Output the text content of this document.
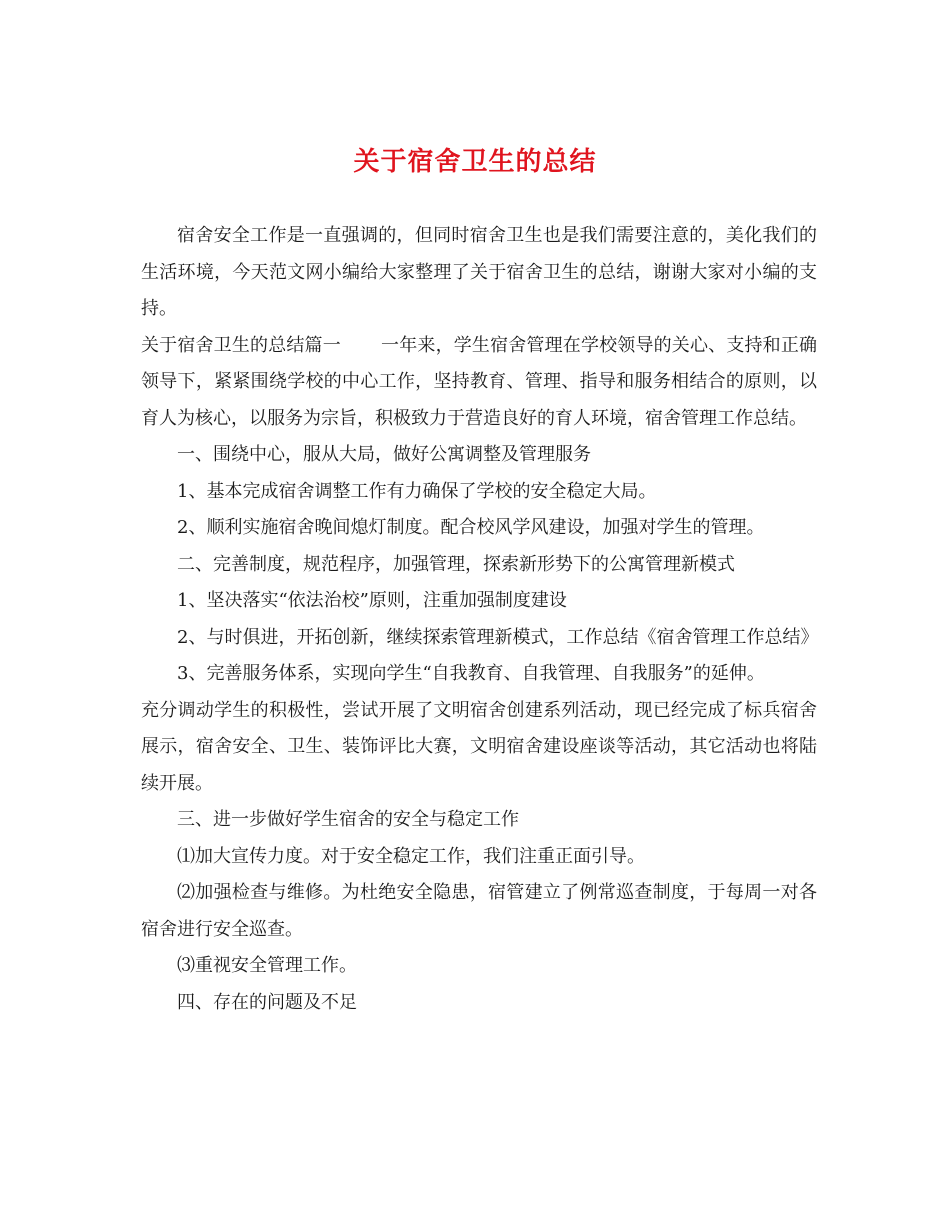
关于宿舍卫生的总结

宿舍安全工作是一直强调的，但同时宿舍卫生也是我们需要注意的，美化我们的生活环境，今天范文网小编给大家整理了关于宿舍卫生的总结，谢谢大家对小编的支持。

关于宿舍卫生的总结篇一 一年来，学生宿舍管理在学校领导的关心、支持和正确领导下，紧紧围绕学校的中心工作，坚持教育、管理、指导和服务相结合的原则，以育人为核心，以服务为宗旨，积极致力于营造良好的育人环境，宿舍管理工作总结。

一、围绕中心，服从大局，做好公寓调整及管理服务

1、基本完成宿舍调整工作有力确保了学校的安全稳定大局。

2、顺利实施宿舍晚间熄灯制度。配合校风学风建设，加强对学生的管理。

二、完善制度，规范程序，加强管理，探索新形势下的公寓管理新模式

1、坚决落实“依法治校”原则，注重加强制度建设

2、与时俱进，开拓创新，继续探索管理新模式，工作总结《宿舍管理工作总结》

3、完善服务体系，实现向学生“自我教育、自我管理、自我服务”的延伸。

充分调动学生的积极性，尝试开展了文明宿舍创建系列活动，现已经完成了标兵宿舍展示，宿舍安全、卫生、装饰评比大赛，文明宿舍建设座谈等活动，其它活动也将陆续开展。

三、进一步做好学生宿舍的安全与稳定工作

⑴加大宣传力度。对于安全稳定工作，我们注重正面引导。

⑵加强检查与维修。为杜绝安全隐患，宿管建立了例常巡查制度，于每周一对各宿舍进行安全巡查。

⑶重视安全管理工作。

四、存在的问题及不足
